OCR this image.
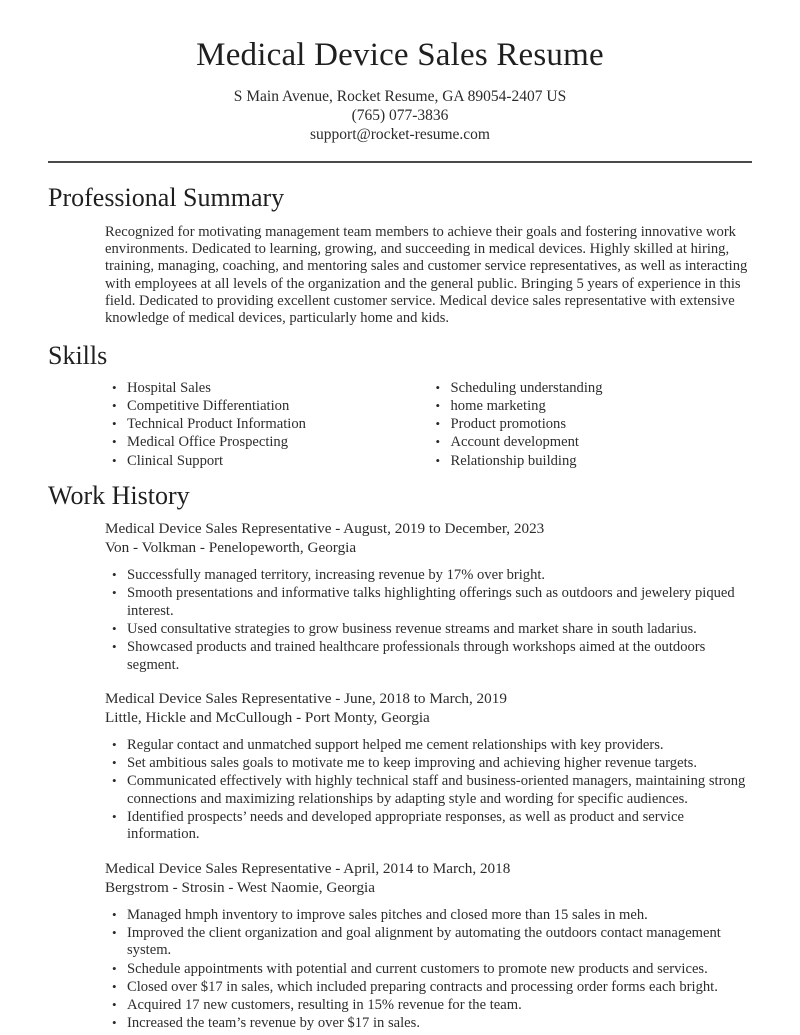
Medical Device Sales Resume
S Main Avenue, Rocket Resume, GA 89054-2407 US
(765) 077-3836
support@rocket-resume.com
Professional Summary

Recognized for motivating management team members to achieve their goals and fostering innovative work environments. Dedicated to learning, growing, and succeeding in medical devices. Highly skilled at hiring, training, managing, coaching, and mentoring sales and customer service representatives, as well as interacting with employees at all levels of the organization and the general public. Bringing 5 years of experience in this field. Dedicated to providing excellent customer service. Medical device sales representative with extensive knowledge of medical devices, particularly home and kids.

Skills
• Hospital Sales
• Competitive Differentiation
• Technical Product Information
• Medical Office Prospecting
• Clinical Support
• Scheduling understanding
• home marketing
• Product promotions
• Account development
• Relationship building
Work History
Medical Device Sales Representative - August, 2019 to December, 2023
Von - Volkman - Penelopeworth, Georgia
• Successfully managed territory, increasing revenue by 17% over bright.
• Smooth presentations and informative talks highlighting offerings such as outdoors and jewelery piqued interest.
• Used consultative strategies to grow business revenue streams and market share in south ladarius.
• Showcased products and trained healthcare professionals through workshops aimed at the outdoors segment.
Medical Device Sales Representative - June, 2018 to March, 2019
Little, Hickle and McCullough - Port Monty, Georgia
• Regular contact and unmatched support helped me cement relationships with key providers.
• Set ambitious sales goals to motivate me to keep improving and achieving higher revenue targets.
• Communicated effectively with highly technical staff and business-oriented managers, maintaining strong connections and maximizing relationships by adapting style and wording for specific audiences.
• Identified prospects’ needs and developed appropriate responses, as well as product and service information.
Medical Device Sales Representative - April, 2014 to March, 2018
Bergstrom - Strosin - West Naomie, Georgia
• Managed hmph inventory to improve sales pitches and closed more than 15 sales in meh.
• Improved the client organization and goal alignment by automating the outdoors contact management system.
• Schedule appointments with potential and current customers to promote new products and services.
• Closed over $17 in sales, which included preparing contracts and processing order forms each bright.
• Acquired 17 new customers, resulting in 15% revenue for the team.
• Increased the team’s revenue by over $17 in sales.
